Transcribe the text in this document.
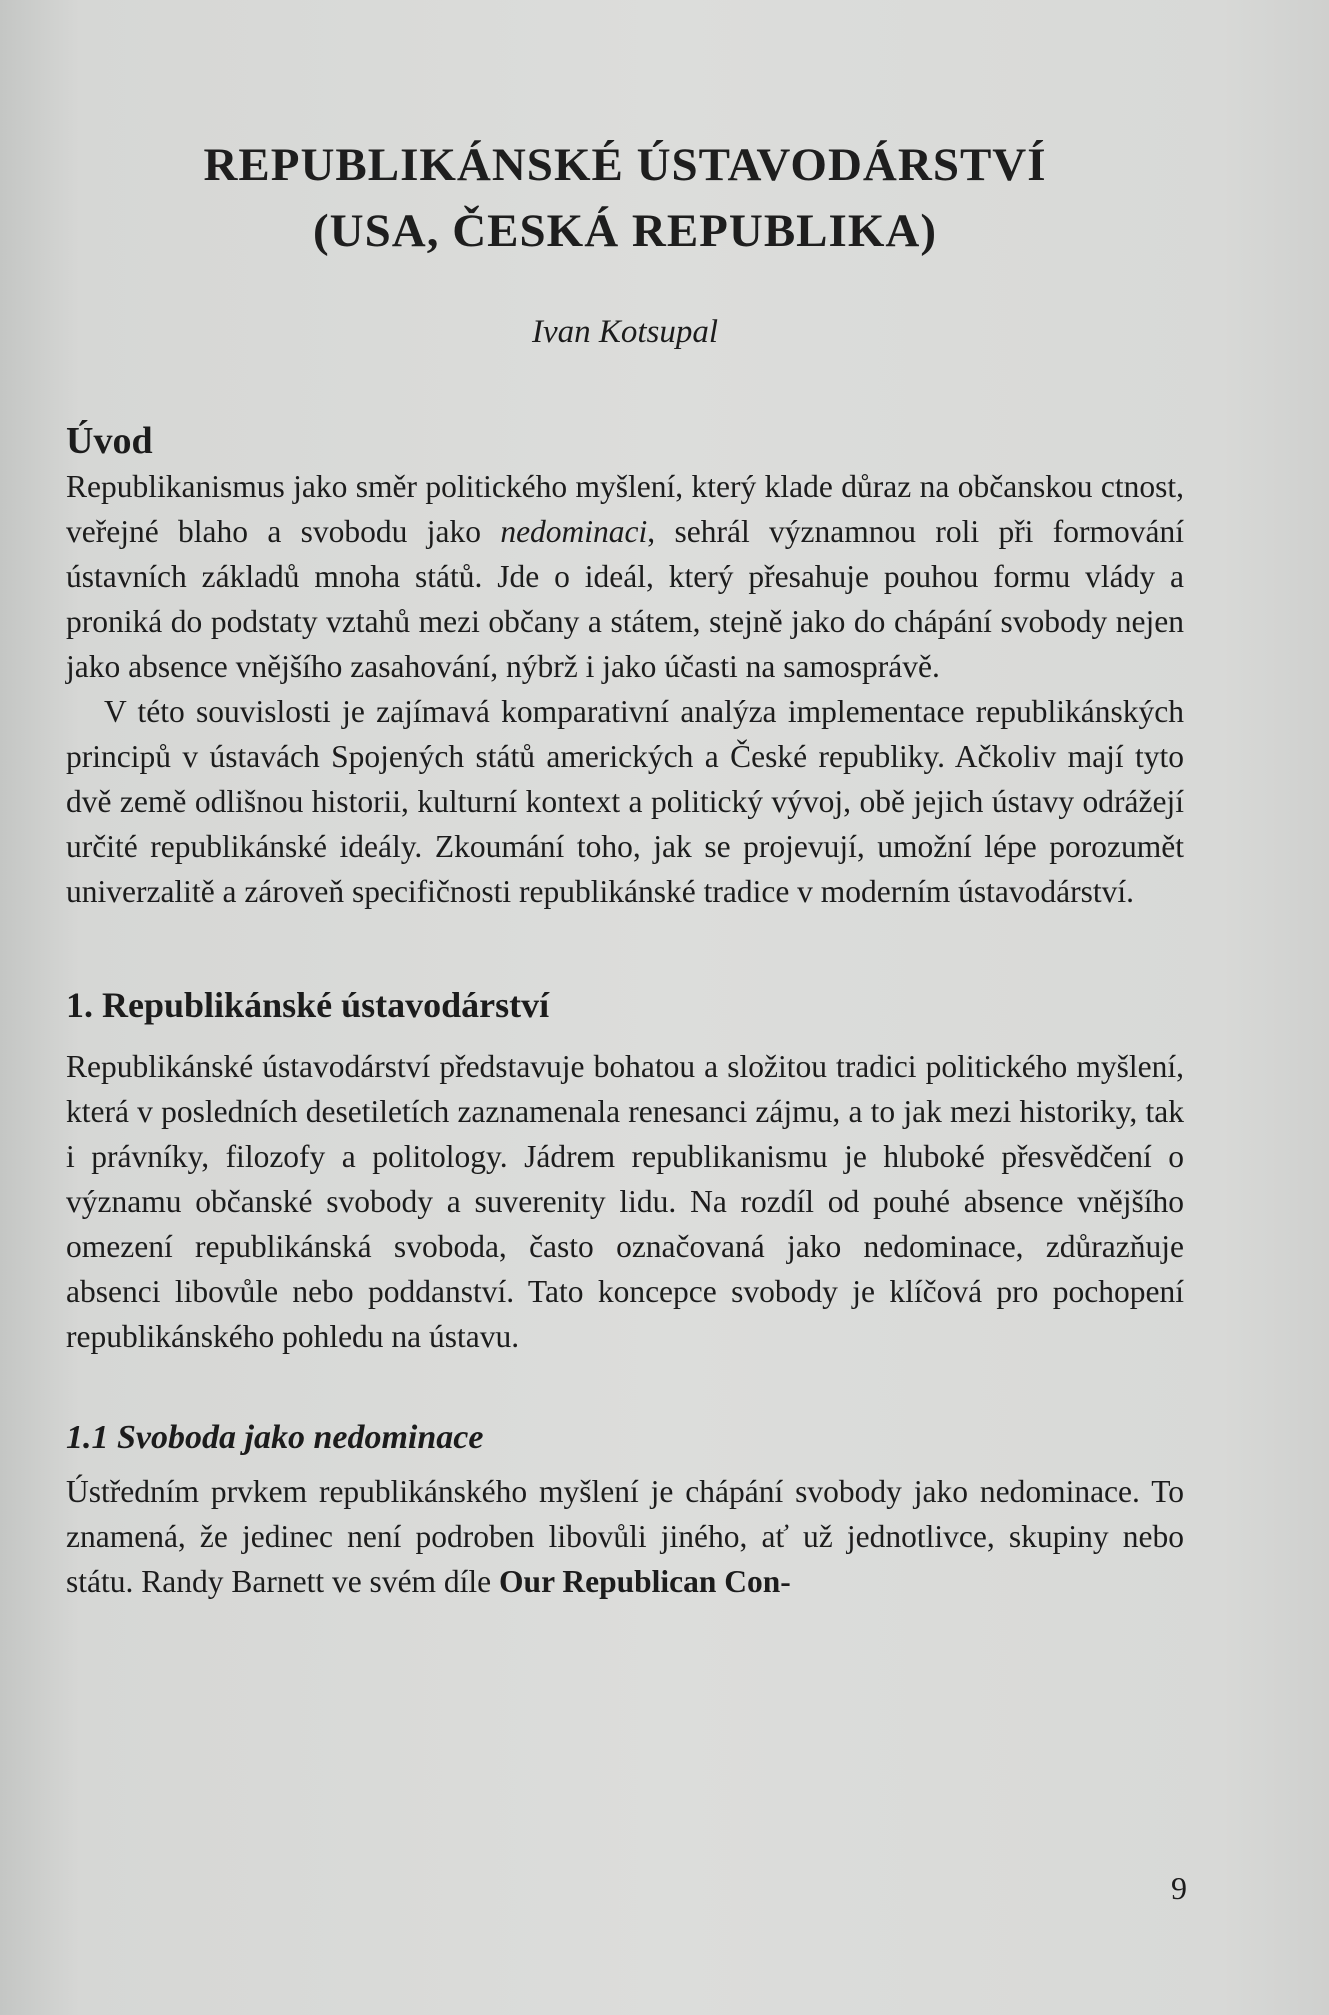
REPUBLIKÁNSKÉ ÚSTAVODÁRSTVÍ
(USA, ČESKÁ REPUBLIKA)
Ivan Kotsupal
Úvod

Republikanismus jako směr politického myšlení, který klade důraz na občanskou ctnost, veřejné blaho a svobodu jako nedominaci, sehrál významnou roli při formování ústavních základů mnoha států. Jde o ideál, který přesahuje pouhou formu vlády a proniká do podstaty vztahů mezi občany a státem, stejně jako do chápání svobody nejen jako absence vnějšího zasahování, nýbrž i jako účasti na samosprávě.

V této souvislosti je zajímavá komparativní analýza implementace republikánských principů v ústavách Spojených států amerických a České republiky. Ačkoliv mají tyto dvě země odlišnou historii, kulturní kontext a politický vývoj, obě jejich ústavy odrážejí určité republikánské ideály. Zkoumání toho, jak se projevují, umožní lépe porozumět univerzalitě a zároveň specifičnosti republikánské tradice v moderním ústavodárství.

1. Republikánské ústavodárství

Republikánské ústavodárství představuje bohatou a složitou tradici politického myšlení, která v posledních desetiletích zaznamenala renesanci zájmu, a to jak mezi historiky, tak i právníky, filozofy a politology. Jádrem republikanismu je hluboké přesvědčení o významu občanské svobody a suverenity lidu. Na rozdíl od pouhé absence vnějšího omezení republikánská svoboda, často označovaná jako nedominace, zdůrazňuje absenci libovůle nebo poddanství. Tato koncepce svobody je klíčová pro pochopení republikánského pohledu na ústavu.

1.1 Svoboda jako nedominace

Ústředním prvkem republikánského myšlení je chápání svobody jako nedominace. To znamená, že jedinec není podroben libovůli jiného, ať už jednotlivce, skupiny nebo státu. Randy Barnett ve svém díle Our Republican Con-

9
